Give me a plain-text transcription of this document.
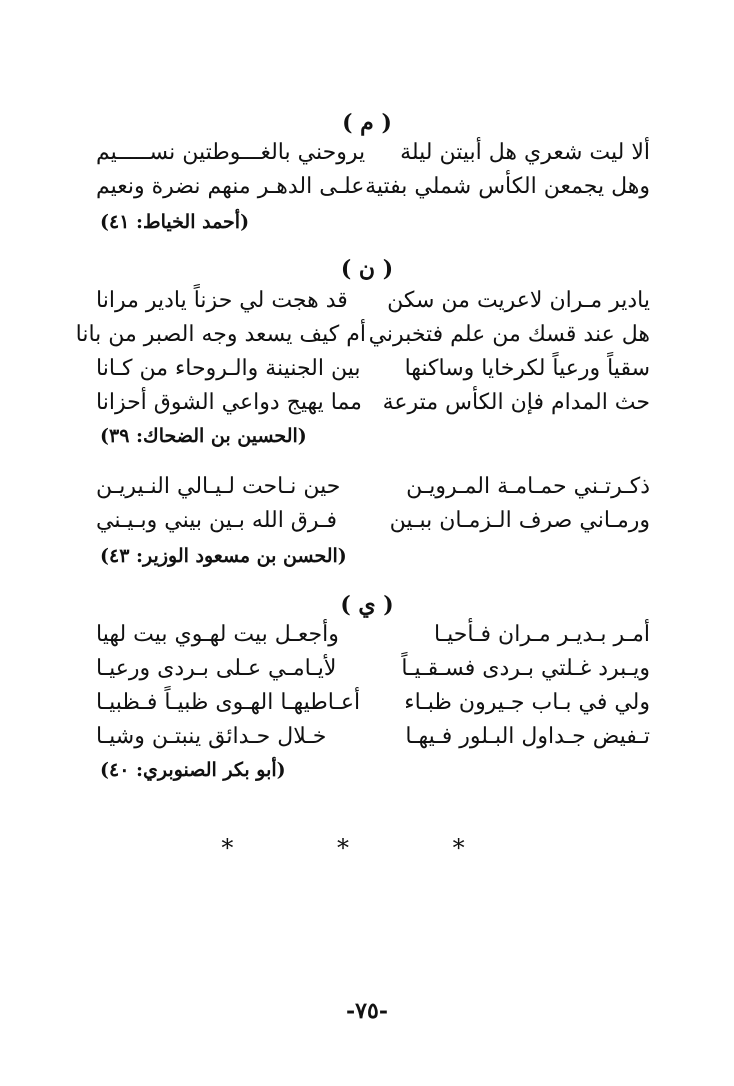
( م )
ألا ليت شعري هل أبيتن ليلة
يروحني بالغـــوطتين نســـــيم
وهل يجمعن الكأس شملي بفتية
علـى الدهـر منهم نضرة ونعيم
(أحمد الخياط: ٤١)
( ن )
يادير مـران لاعريت من سكن
قد هجت لي حزناً يادير مرانا
هل عند قسك من علم فتخبرني
أم كيف يسعد وجه الصبر من بانا
سقياً ورعياً لكرخايا وساكنها
بين الجنينة والـروحاء من كـانا
حث المدام فإن الكأس مترعة
مما يهيج دواعي الشوق أحزانا
(الحسين بن الضحاك: ٣٩)
ذكـرتـني حمـامـة المـرويـن
حين نـاحت لـيـالي النـيريـن
ورمـاني صرف الـزمـان ببـين
فـرق الله بـين بيني وبـيـني
(الحسن بن مسعود الوزير: ٤٣)
( ي )
أمـر بـديـر مـران فـأحيـا
وأجعـل بيت لهـوي بيت لهيا
ويـبرد غـلتي بـردى فسـقـيـاً
لأيـامـي عـلى بـردى ورعيـا
ولي في بـاب جـيرون ظبـاء
أعـاطيهـا الهـوى ظبيـاً فـظبيـا
تـفيض جـداول البـلور فـيهـا
خـلال حـدائق ينبتـن وشيـا
(أبو بكر الصنوبري: ٤٠)
* * *
-٧٥-
